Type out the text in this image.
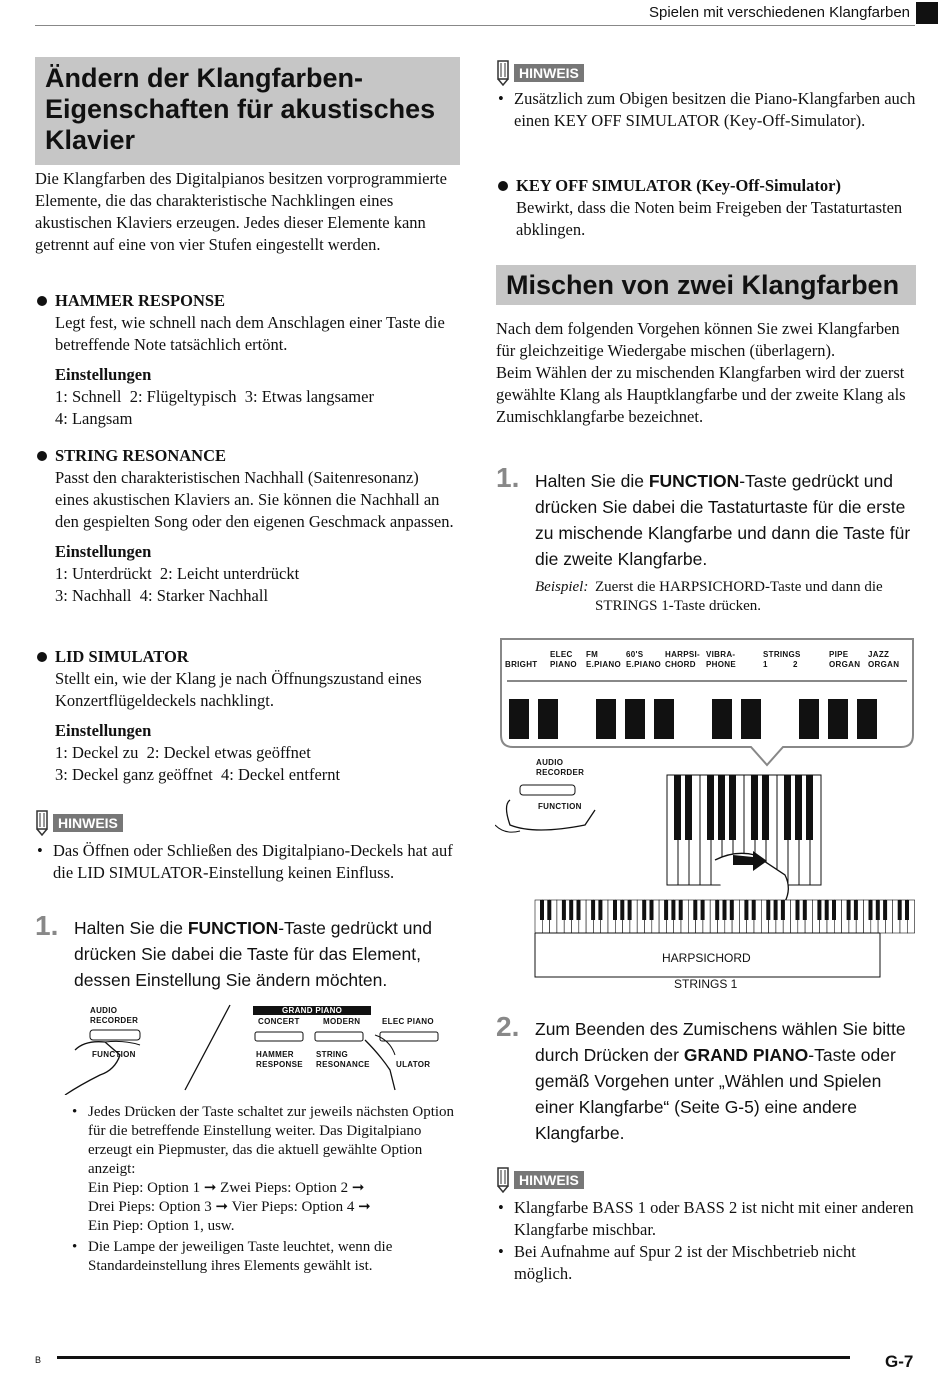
Spielen mit verschiedenen Klangfarben
Ändern der Klangfarben-Eigenschaften für akustisches Klavier
Die Klangfarben des Digitalpianos besitzen vorprogrammierte Elemente, die das charakteristische Nachklingen eines akustischen Klaviers erzeugen. Jedes dieser Elemente kann getrennt auf eine von vier Stufen eingestellt werden.
HAMMER RESPONSE
Legt fest, wie schnell nach dem Anschlagen einer Taste die betreffende Note tatsächlich ertönt.
Einstellungen
1: Schnell  2: Flügeltypisch  3: Etwas langsamer
4: Langsam
STRING RESONANCE
Passt den charakteristischen Nachhall (Saitenresonanz) eines akustischen Klaviers an. Sie können die Nachhall an den gespielten Song oder den eigenen Geschmack anpassen.
Einstellungen
1: Unterdrückt  2: Leicht unterdrückt
3: Nachhall  4: Starker Nachhall
LID SIMULATOR
Stellt ein, wie der Klang je nach Öffnungszustand eines Konzertflügeldeckels nachklingt.
Einstellungen
1: Deckel zu  2: Deckel etwas geöffnet
3: Deckel ganz geöffnet  4: Deckel entfernt
HINWEIS
• Das Öffnen oder Schließen des Digitalpiano-Deckels hat auf die LID SIMULATOR-Einstellung keinen Einfluss.
1. Halten Sie die FUNCTION-Taste gedrückt und drücken Sie dabei die Taste für das Element, dessen Einstellung Sie ändern möchten.
AUDIO
RECORDER
FUNCTION
GRAND PIANO
CONCERT	MODERN	ELEC PIANO
HAMMER
RESPONSE
STRING
RESONANCE	ULATOR
• Jedes Drücken der Taste schaltet zur jeweils nächsten Option für die betreffende Einstellung weiter. Das Digitalpiano erzeugt ein Piepmuster, das die aktuell gewählte Option anzeigt:
Ein Piep: Option 1 ➞ Zwei Pieps: Option 2 ➞
Drei Pieps: Option 3 ➞ Vier Pieps: Option 4 ➞
Ein Piep: Option 1, usw.
• Die Lampe der jeweiligen Taste leuchtet, wenn die Standardeinstellung ihres Elements gewählt ist.
HINWEIS
• Zusätzlich zum Obigen besitzen die Piano-Klangfarben auch einen KEY OFF SIMULATOR (Key-Off-Simulator).
KEY OFF SIMULATOR (Key-Off-Simulator)
Bewirkt, dass die Noten beim Freigeben der Tastaturtasten abklingen.
Mischen von zwei Klangfarben
Nach dem folgenden Vorgehen können Sie zwei Klangfarben für gleichzeitige Wiedergabe mischen (überlagern).
Beim Wählen der zu mischenden Klangfarben wird der zuerst gewählte Klang als Hauptklangfarbe und der zweite Klang als Zumischklangfarbe bezeichnet.
1. Halten Sie die FUNCTION-Taste gedrückt und drücken Sie dabei die Tastaturtaste für die erste zu mischende Klangfarbe und dann die Taste für die zweite Klangfarbe.
Beispiel: Zuerst die HARPSICHORD-Taste und dann die STRINGS 1-Taste drücken.

BRIGHT
ELEC
PIANO
FM
E.PIANO
60'S
E.PIANO
HARPSI-
CHORD
VIBRA-
PHONE
STRINGS
1          2
PIPE
ORGAN
JAZZ
ORGAN
AUDIO
RECORDER
FUNCTION
HARPSICHORD
STRINGS 1
2. Zum Beenden des Zumischens wählen Sie bitte durch Drücken der GRAND PIANO-Taste oder gemäß Vorgehen unter „Wählen und Spielen einer Klangfarbe“ (Seite G-5) eine andere Klangfarbe.
HINWEIS
• Klangfarbe BASS 1 oder BASS 2 ist nicht mit einer anderen Klangfarbe mischbar.
• Bei Aufnahme auf Spur 2 ist der Mischbetrieb nicht möglich.
B	G-7
